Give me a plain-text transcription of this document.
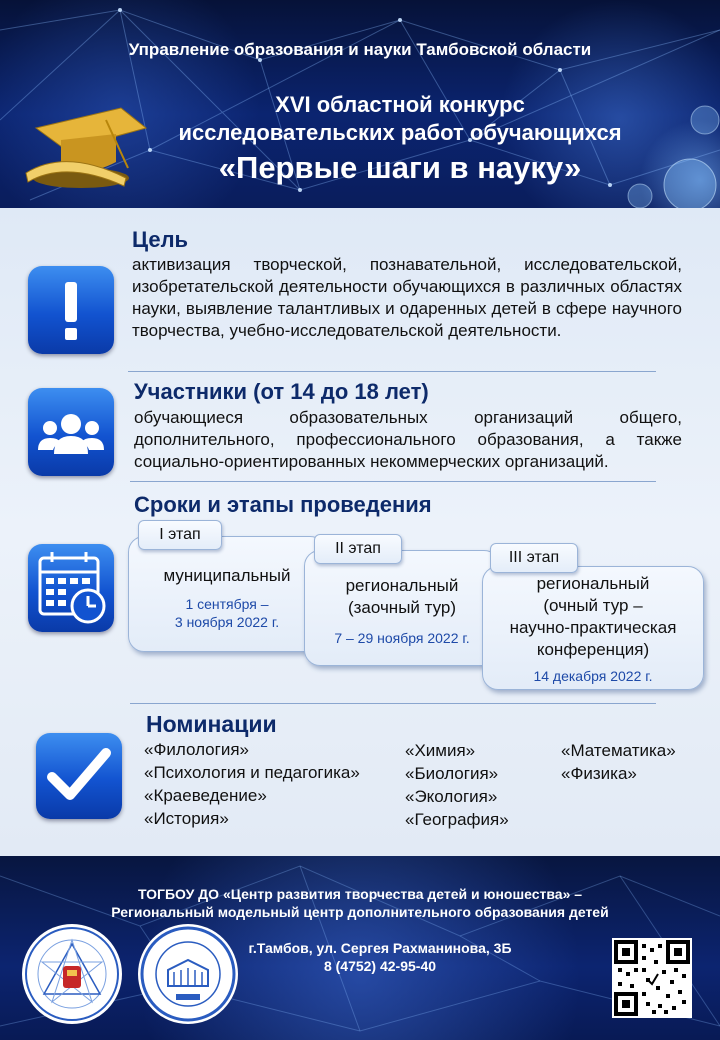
Управление образования и науки Тамбовской области
XVI областной конкурс
исследовательских работ обучающихся
«Первые шаги в науку»
Цель
активизация творческой, познавательной, исследовательской, изобретательской деятельности обучающихся в различных областях науки, выявление талантливых и одаренных детей в сфере научного творчества, учебно-исследовательской деятельности.
Участники (от 14 до 18 лет)
обучающиеся образовательных организаций общего, дополнительного, профессионального образования, а также социально-ориентированных некоммерческих организаций.
Сроки и этапы проведения
муниципальный
1 сентября –
3 ноября 2022 г.
I этап
региональный
(заочный тур)
7 – 29 ноября 2022 г.
II этап
региональный
(очный тур –
научно-практическая
конференция)
14 декабря 2022 г.
III этап
Номинации
«Филология»
«Психология и педагогика»
«Краеведение»
«История»
«Химия»
«Биология»
«Экология»
«География»
«Математика»
«Физика»
ТОГБОУ ДО «Центр развития творчества детей и юношества» –
Региональный модельный центр дополнительного образования детей
г.Тамбов, ул. Сергея Рахманинова, 3Б
8 (4752) 42-95-40
